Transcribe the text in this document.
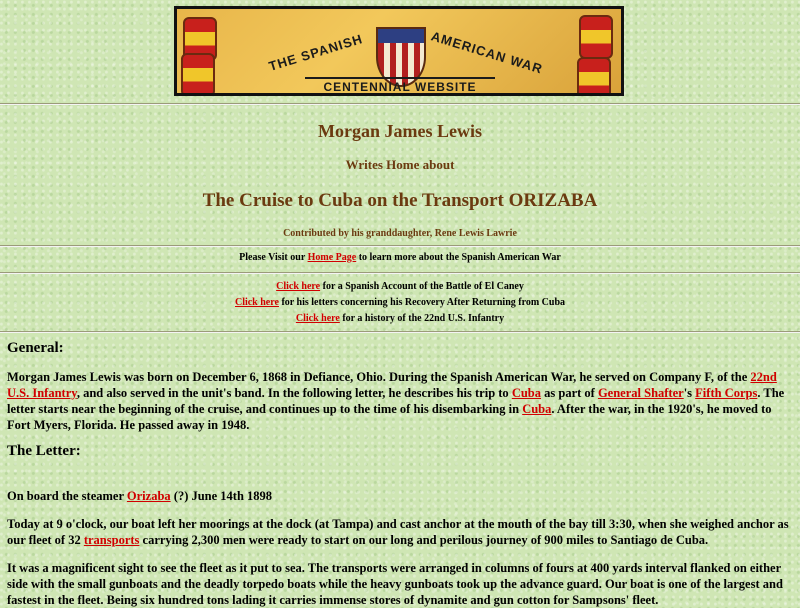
THE SPANISH	AMERICAN WAR
CENTENNIAL WEBSITE
Morgan James Lewis
Writes Home about
The Cruise to Cuba on the Transport ORIZABA
Contributed by his granddaughter, Rene Lewis Lawrie
Please Visit our Home Page to learn more about the Spanish American War
Click here for a Spanish Account of the Battle of El Caney
Click here for his letters concerning his Recovery After Returning from Cuba
Click here for a history of the 22nd U.S. Infantry
General:
Morgan James Lewis was born on December 6, 1868 in Defiance, Ohio. During the Spanish American War, he served on Company F, of the 22nd U.S. Infantry, and also served in the unit's band. In the following letter, he describes his trip to Cuba as part of General Shafter's Fifth Corps. The letter starts near the beginning of the cruise, and continues up to the time of his disembarking in Cuba. After the war, in the 1920's, he moved to Fort Myers, Florida. He passed away in 1948.
The Letter:
On board the steamer Orizaba (?) June 14th 1898
Today at 9 o'clock, our boat left her moorings at the dock (at Tampa) and cast anchor at the mouth of the bay till 3:30, when she weighed anchor as our fleet of 32 transports carrying 2,300 men were ready to start on our long and perilous journey of 900 miles to Santiago de Cuba.
It was a magnificent sight to see the fleet as it put to sea. The transports were arranged in columns of fours at 400 yards interval flanked on either side with the small gunboats and the deadly torpedo boats while the heavy gunboats took up the advance guard. Our boat is one of the largest and fastest in the fleet. Being six hundred tons lading it carries immense stores of dynamite and gun cotton for Sampsons' fleet.
